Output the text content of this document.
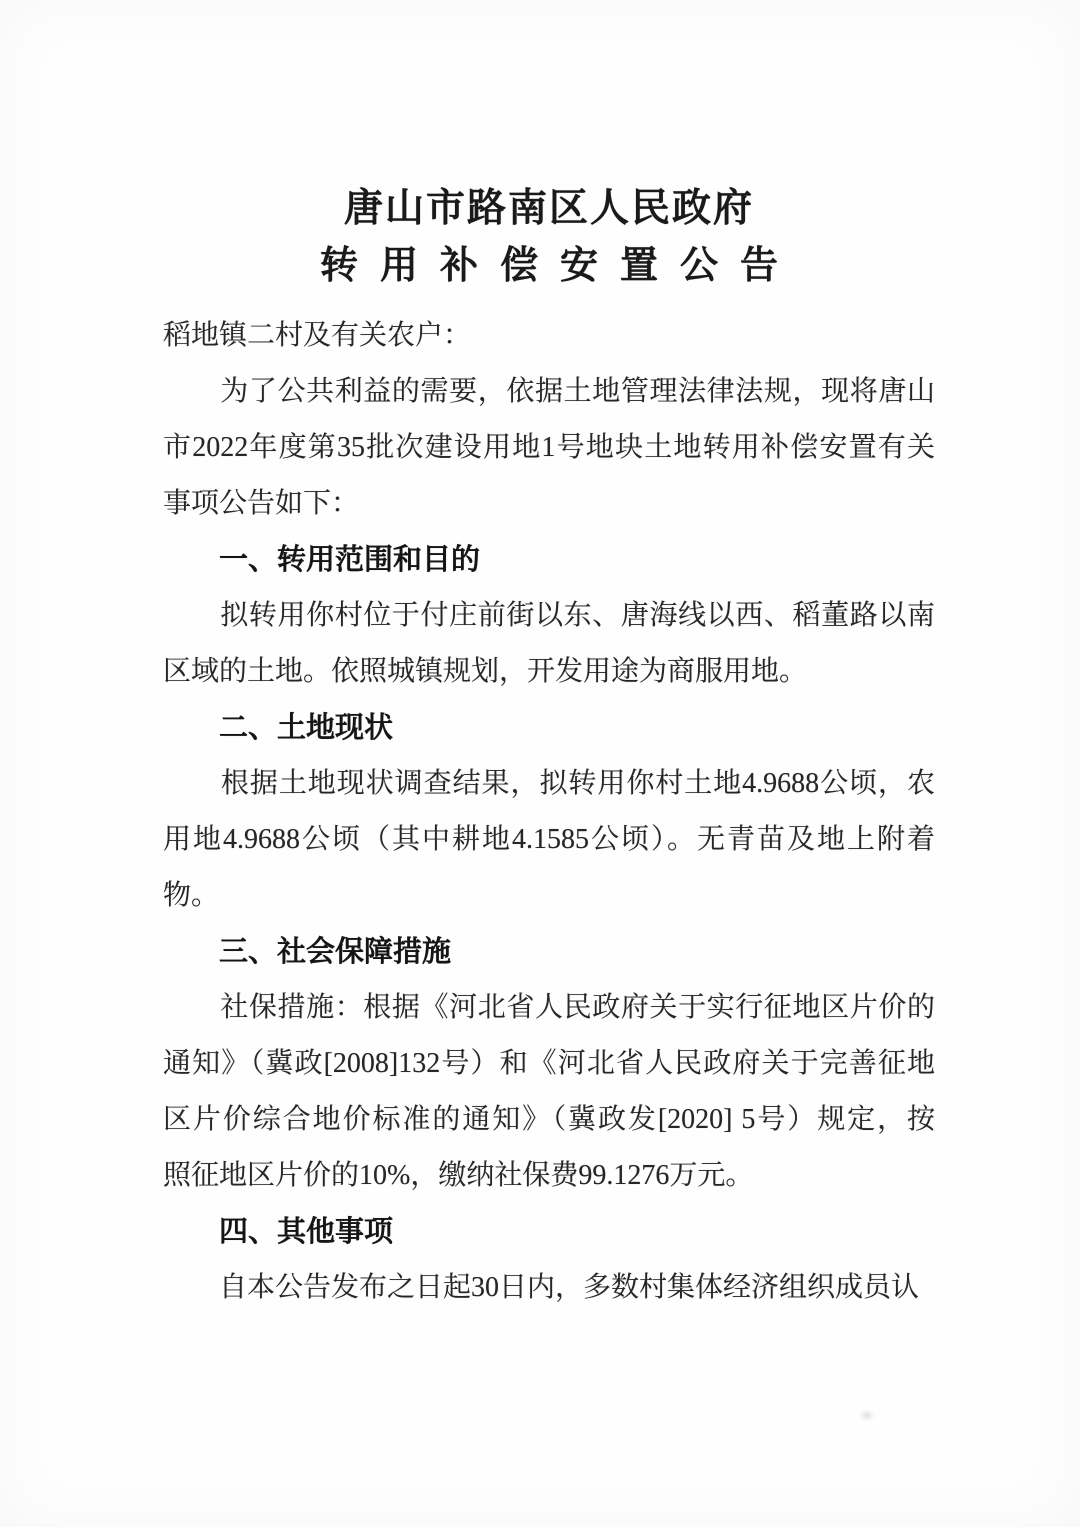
唐山市路南区人民政府
转用补偿安置公告
稻地镇二村及有关农户：
　　为了公共利益的需要，依据土地管理法律法规，现将唐山
市2022年度第35批次建设用地1号地块土地转用补偿安置有关
事项公告如下：
一、转用范围和目的
　　拟转用你村位于付庄前街以东、唐海线以西、稻董路以南
区域的土地。依照城镇规划，开发用途为商服用地。
二、土地现状
　　根据土地现状调查结果，拟转用你村土地4.9688公顷，农
用地4.9688公顷（其中耕地4.1585公顷）。无青苗及地上附着
物。
三、社会保障措施
　　社保措施：根据《河北省人民政府关于实行征地区片价的
通知》（冀政[2008]132号）和《河北省人民政府关于完善征地
区片价综合地价标准的通知》（冀政发[2020] 5号）规定，按
照征地区片价的10%，缴纳社保费99.1276万元。
四、其他事项
　　自本公告发布之日起30日内，多数村集体经济组织成员认
